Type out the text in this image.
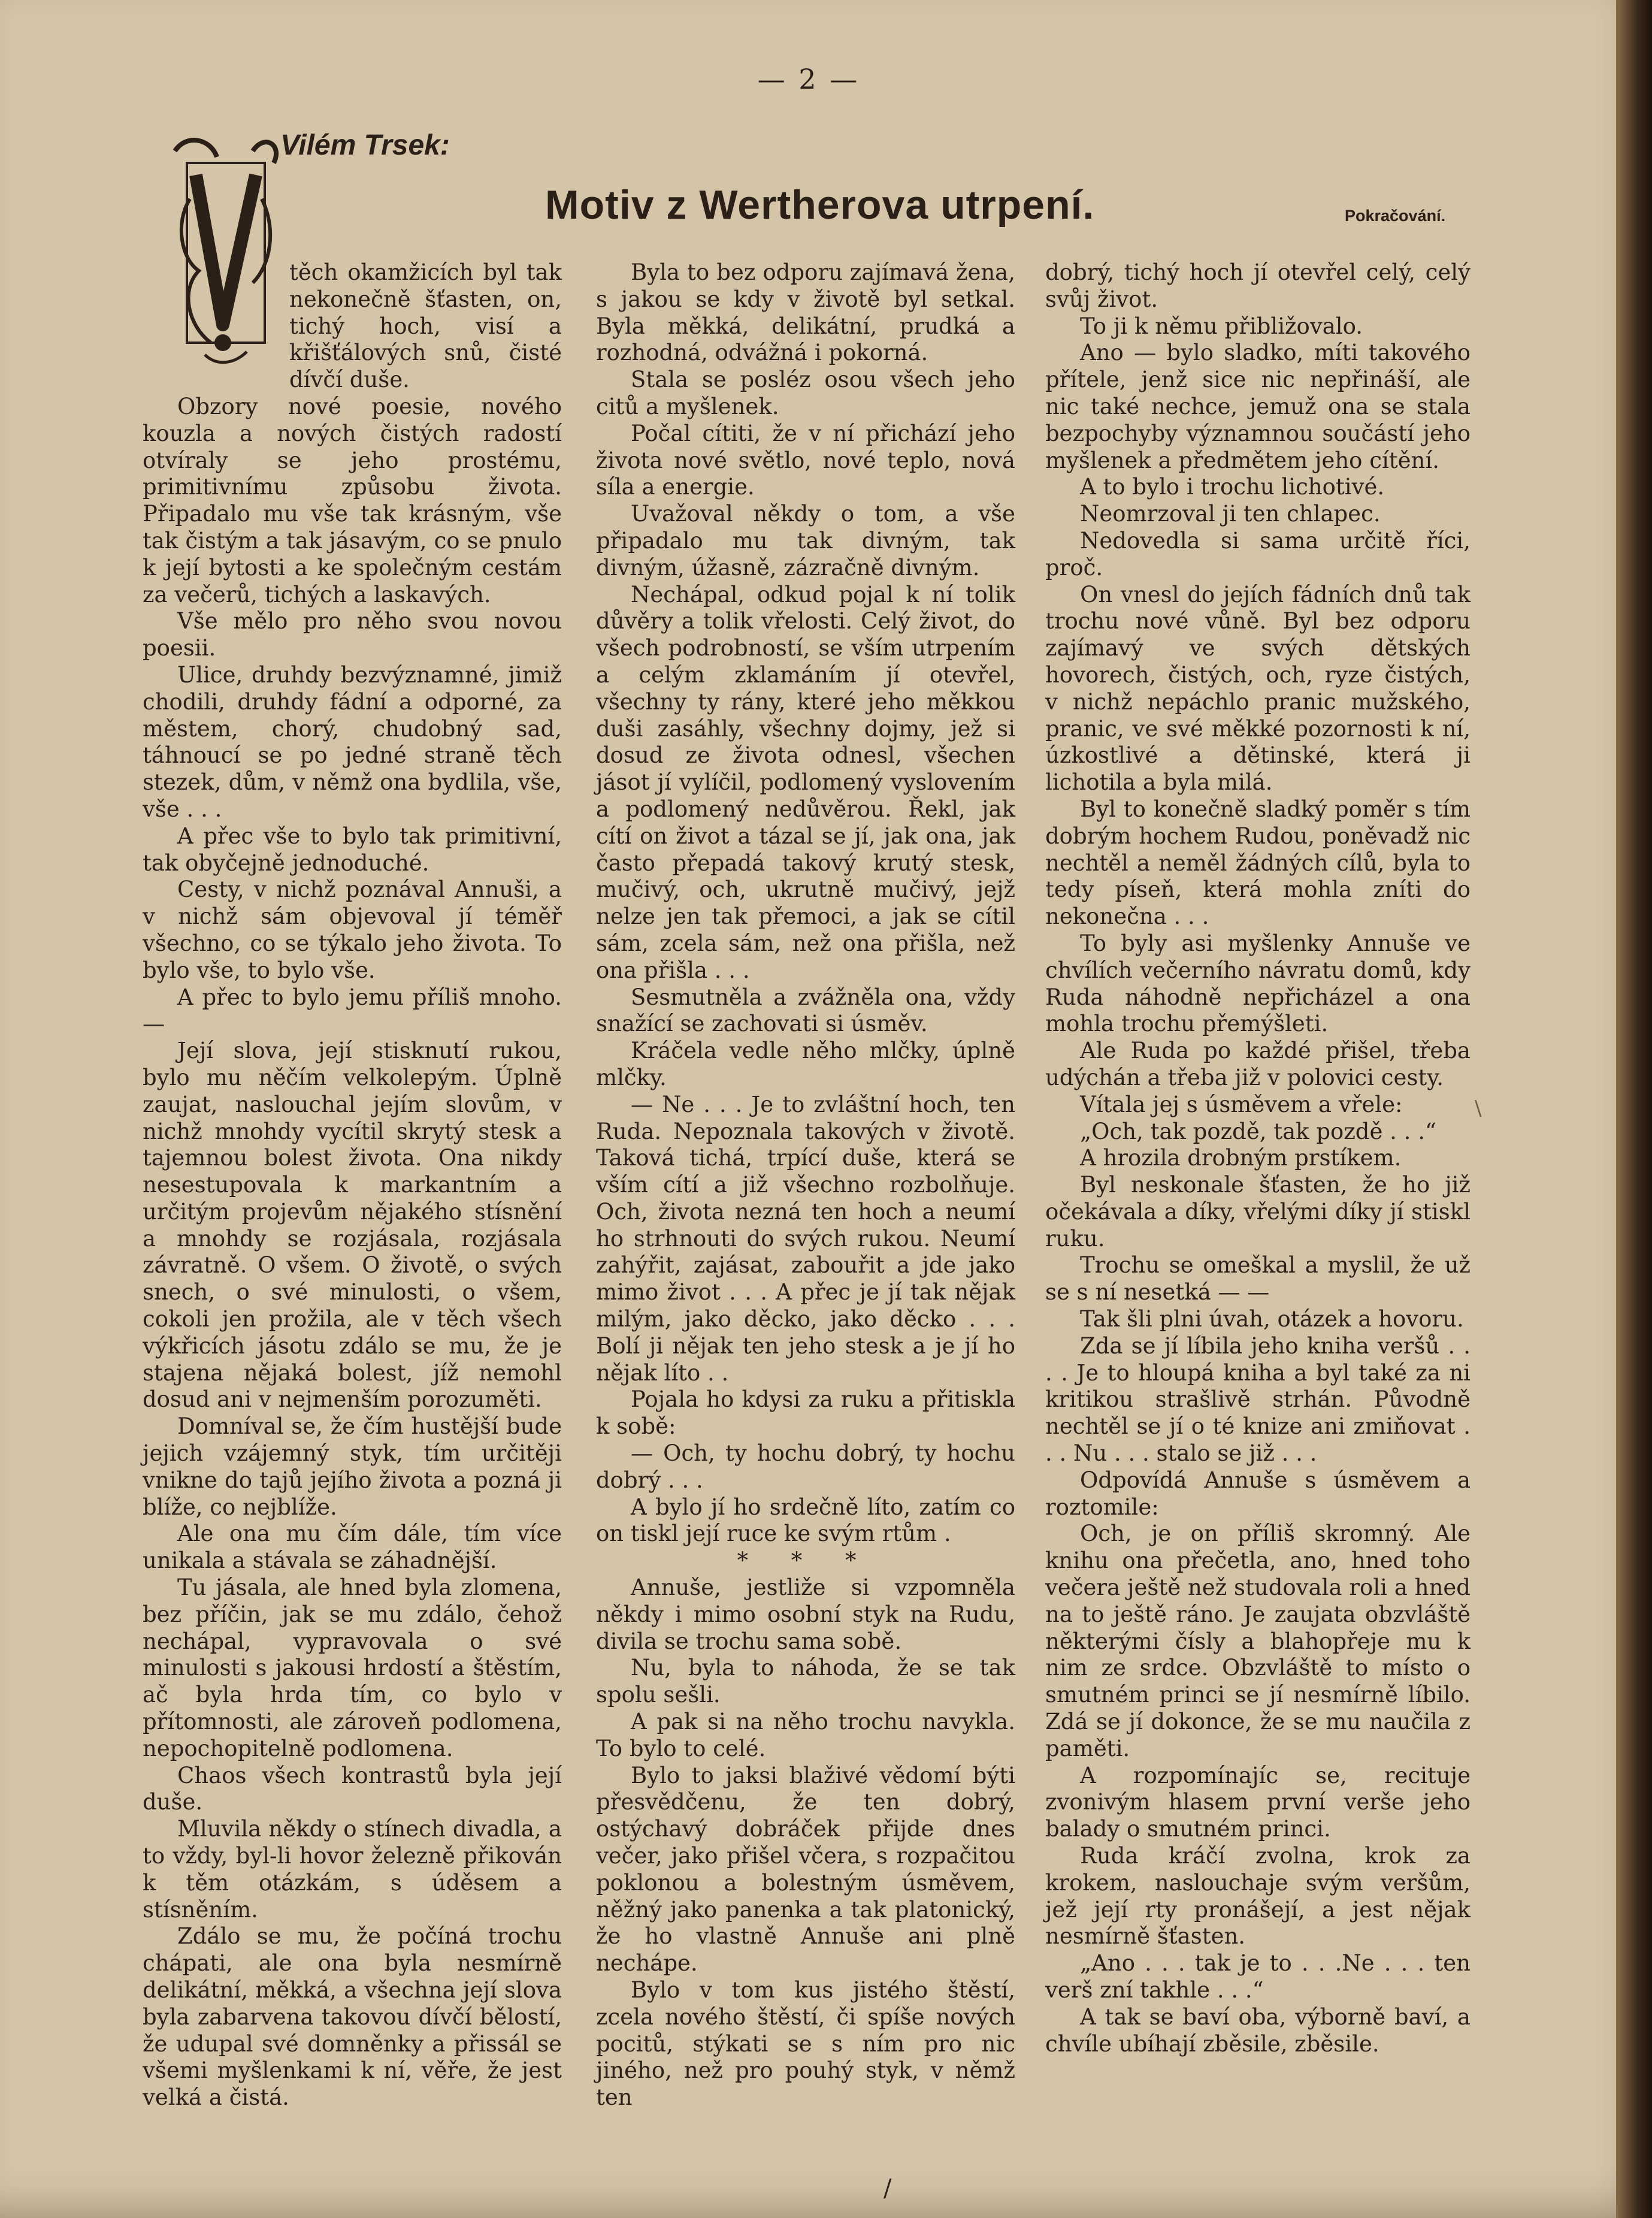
— 2 —
Vilém Trsek:
Motiv z Wertherova utrpení.	Pokračování.

těch okamžicích byl tak nekonečně šťasten, on, tichý hoch, visí a křišťálových snů, čisté dívčí duše.

Obzory nové poesie, nového kouzla a nových čistých radostí otvíraly se jeho prostému, primitivnímu způsobu života. Připadalo mu vše tak krásným, vše tak čistým a tak jásavým, co se pnulo k její bytosti a ke společným cestám za večerů, tichých a laskavých.

Vše mělo pro něho svou novou poesii.

Ulice, druhdy bezvýznamné, jimiž chodili, druhdy fádní a odporné, za městem, chorý, chudobný sad, táhnoucí se po jedné straně těch stezek, dům, v němž ona bydlila, vše, vše . . .

A přec vše to bylo tak primitivní, tak obyčejně jednoduché.

Cesty, v nichž poznával Annuši, a v nichž sám objevoval jí téměř všechno, co se týkalo jeho života. To bylo vše, to bylo vše.

A přec to bylo jemu příliš mnoho. —

Její slova, její stisknutí rukou, bylo mu něčím velkolepým. Úplně zaujat, naslouchal jejím slovům, v nichž mnohdy vycítil skrytý stesk a tajemnou bolest života. Ona nikdy nesestupovala k markantním a určitým projevům nějakého stísnění a mnohdy se rozjásala, rozjásala závratně. O všem. O životě, o svých snech, o své minulosti, o všem, cokoli jen prožila, ale v těch všech výkřicích jásotu zdálo se mu, že je stajena nějaká bolest, jíž nemohl dosud ani v nejmenším porozuměti.

Domníval se, že čím hustější bude jejich vzájemný styk, tím určitěji vnikne do tajů jejího života a pozná ji blíže, co nejblíže.

Ale ona mu čím dále, tím více unikala a stávala se záhadnější.

Tu jásala, ale hned byla zlomena, bez příčin, jak se mu zdálo, čehož nechápal, vypravovala o své minulosti s jakousi hrdostí a štěstím, ač byla hrda tím, co bylo v přítomnosti, ale zároveň podlomena, nepochopitelně podlomena.

Chaos všech kontrastů byla její duše.

Mluvila někdy o stínech divadla, a to vždy, byl-li hovor železně přikován k těm otázkám, s úděsem a stísněním.

Zdálo se mu, že počíná trochu chápati, ale ona byla nesmírně delikátní, měkká, a všechna její slova byla zabarvena takovou dívčí bělostí, že udupal své domněnky a přissál se všemi myšlenkami k ní, věře, že jest velká a čistá.

Byla to bez odporu zajímavá žena, s jakou se kdy v životě byl setkal. Byla měkká, delikátní, prudká a rozhodná, odvážná i pokorná.

Stala se posléz osou všech jeho citů a myšlenek.

Počal cítiti, že v ní přichází jeho života nové světlo, nové teplo, nová síla a energie.

Uvažoval někdy o tom, a vše připadalo mu tak divným, tak divným, úžasně, zázračně divným.

Nechápal, odkud pojal k ní tolik důvěry a tolik vřelosti. Celý život, do všech podrobností, se vším utrpením a celým zklamáním jí otevřel, všechny ty rány, které jeho měkkou duši zasáhly, všechny dojmy, jež si dosud ze života odnesl, všechen jásot jí vylíčil, podlomený vyslovením a podlomený nedůvěrou. Řekl, jak cítí on život a tázal se jí, jak ona, jak často přepadá takový krutý stesk, mučivý, och, ukrutně mučivý, jejž nelze jen tak přemoci, a jak se cítil sám, zcela sám, než ona přišla, než ona přišla . . .

Sesmutněla a zvážněla ona, vždy snažící se zachovati si úsměv.

Kráčela vedle něho mlčky, úplně mlčky.

— Ne . . . Je to zvláštní hoch, ten Ruda. Nepoznala takových v životě. Taková tichá, trpící duše, která se vším cítí a již všechno rozbolňuje. Och, života nezná ten hoch a neumí ho strhnouti do svých rukou. Neumí zahýřit, zajásat, zabouřit a jde jako mimo život . . . A přec je jí tak nějak milým, jako děcko, jako děcko . . . Bolí ji nějak ten jeho stesk a je jí ho nějak líto . .

Pojala ho kdysi za ruku a přitiskla k sobě:

— Och, ty hochu dobrý, ty hochu dobrý . . .

A bylo jí ho srdečně líto, zatím co on tiskl její ruce ke svým rtům .

* * *

Annuše, jestliže si vzpomněla někdy i mimo osobní styk na Rudu, divila se trochu sama sobě.

Nu, byla to náhoda, že se tak spolu sešli.

A pak si na něho trochu navykla. To bylo to celé.

Bylo to jaksi blaživé vědomí býti přesvědčenu, že ten dobrý, ostýchavý dobráček přijde dnes večer, jako přišel včera, s rozpačitou poklonou a bolestným úsměvem, něžný jako panenka a tak platonický, že ho vlastně Annuše ani plně nechápe.

Bylo v tom kus jistého štěstí, zcela nového štěstí, či spíše nových pocitů, stýkati se s ním pro nic jiného, než pro pouhý styk, v němž ten

dobrý, tichý hoch jí otevřel celý, celý svůj život.

To ji k němu přibližovalo.

Ano — bylo sladko, míti takového přítele, jenž sice nic nepřináší, ale nic také nechce, jemuž ona se stala bezpochyby významnou součástí jeho myšlenek a předmětem jeho cítění.

A to bylo i trochu lichotivé.

Neomrzoval ji ten chlapec.

Nedovedla si sama určitě říci, proč.

On vnesl do jejích fádních dnů tak trochu nové vůně. Byl bez odporu zajímavý ve svých dětských hovorech, čistých, och, ryze čistých, v nichž nepáchlo pranic mužského, pranic, ve své měkké pozornosti k ní, úzkostlivé a dětinské, která ji lichotila a byla milá.

Byl to konečně sladký poměr s tím dobrým hochem Rudou, poněvadž nic nechtěl a neměl žádných cílů, byla to tedy píseň, která mohla zníti do nekonečna . . .

To byly asi myšlenky Annuše ve chvílích večerního návratu domů, kdy Ruda náhodně nepřicházel a ona mohla trochu přemýšleti.

Ale Ruda po každé přišel, třeba udýchán a třeba již v polovici cesty.

Vítala jej s úsměvem a vřele:

„Och, tak pozdě, tak pozdě . . .“

A hrozila drobným prstíkem.

Byl neskonale šťasten, že ho již očekávala a díky, vřelými díky jí stiskl ruku.

Trochu se omeškal a myslil, že už se s ní nesetká — —

Tak šli plni úvah, otázek a hovoru.

Zda se jí líbila jeho kniha veršů . . . . Je to hloupá kniha a byl také za ni kritikou strašlivě strhán. Původně nechtěl se jí o té knize ani zmiňovat . . . Nu . . . stalo se již . . .

Odpovídá Annuše s úsměvem a roztomile:

Och, je on příliš skromný. Ale knihu ona přečetla, ano, hned toho večera ještě než studovala roli a hned na to ještě ráno. Je zaujata obzvláště některými čísly a blahopřeje mu k nim ze srdce. Obzvláště to místo o smutném princi se jí nesmírně líbilo. Zdá se jí dokonce, že se mu naučila z paměti.

A rozpomínajíc se, recituje zvonivým hlasem první verše jeho balady o smutném princi.

Ruda kráčí zvolna, krok za krokem, naslouchaje svým veršům, jež její rty pronášejí, a jest nějak nesmírně šťasten.

„Ano . . . tak je to . . .Ne . . . ten verš zní takhle . . .“

A tak se baví oba, výborně baví, a chvíle ubíhají zběsile, zběsile.

\
/
